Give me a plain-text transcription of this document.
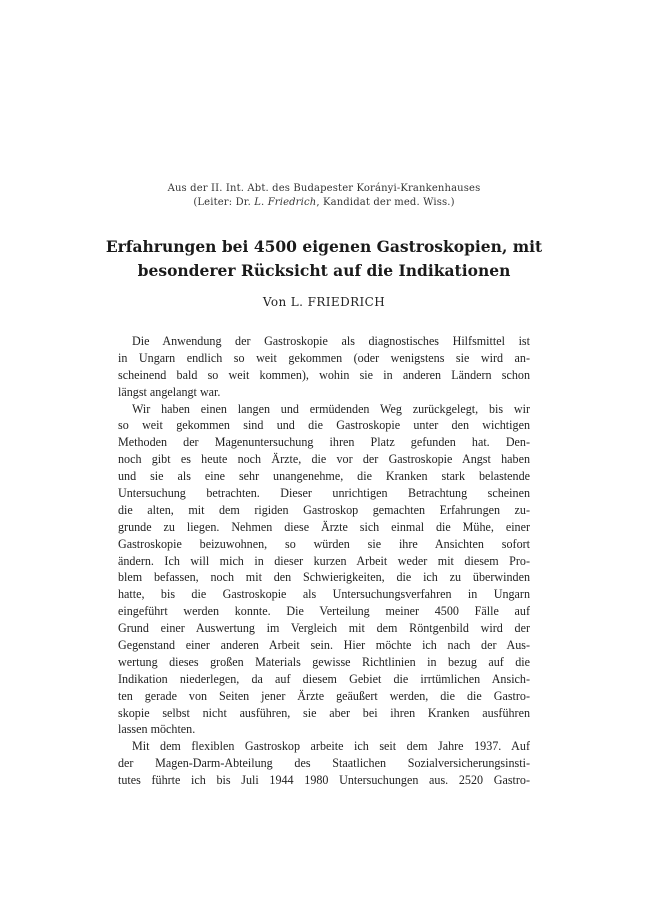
Aus der II. Int. Abt. des Budapester Korányi-Krankenhauses
(Leiter: Dr. L. Friedrich, Kandidat der med. Wiss.)
Erfahrungen bei 4500 eigenen Gastroskopien, mit
besonderer Rücksicht auf die Indikationen
Von L. FRIEDRICH
Die Anwendung der Gastroskopie als diagnostisches Hilfsmittel ist
in Ungarn endlich so weit gekommen (oder wenigstens sie wird an-
scheinend bald so weit kommen), wohin sie in anderen Ländern schon
längst angelangt war.
Wir haben einen langen und ermüdenden Weg zurückgelegt, bis wir
so weit gekommen sind und die Gastroskopie unter den wichtigen
Methoden der Magenuntersuchung ihren Platz gefunden hat. Den-
noch gibt es heute noch Ärzte, die vor der Gastroskopie Angst haben
und sie als eine sehr unangenehme, die Kranken stark belastende
Untersuchung betrachten. Dieser unrichtigen Betrachtung scheinen
die alten, mit dem rigiden Gastroskop gemachten Erfahrungen zu-
grunde zu liegen. Nehmen diese Ärzte sich einmal die Mühe, einer
Gastroskopie beizuwohnen, so würden sie ihre Ansichten sofort
ändern. Ich will mich in dieser kurzen Arbeit weder mit diesem Pro-
blem befassen, noch mit den Schwierigkeiten, die ich zu überwinden
hatte, bis die Gastroskopie als Untersuchungsverfahren in Ungarn
eingeführt werden konnte. Die Verteilung meiner 4500 Fälle auf
Grund einer Auswertung im Vergleich mit dem Röntgenbild wird der
Gegenstand einer anderen Arbeit sein. Hier möchte ich nach der Aus-
wertung dieses großen Materials gewisse Richtlinien in bezug auf die
Indikation niederlegen, da auf diesem Gebiet die irrtümlichen Ansich-
ten gerade von Seiten jener Ärzte geäußert werden, die die Gastro-
skopie selbst nicht ausführen, sie aber bei ihren Kranken ausführen
lassen möchten.
Mit dem flexiblen Gastroskop arbeite ich seit dem Jahre 1937. Auf
der Magen-Darm-Abteilung des Staatlichen Sozialversicherungsinsti-
tutes führte ich bis Juli 1944 1980 Untersuchungen aus. 2520 Gastro-
